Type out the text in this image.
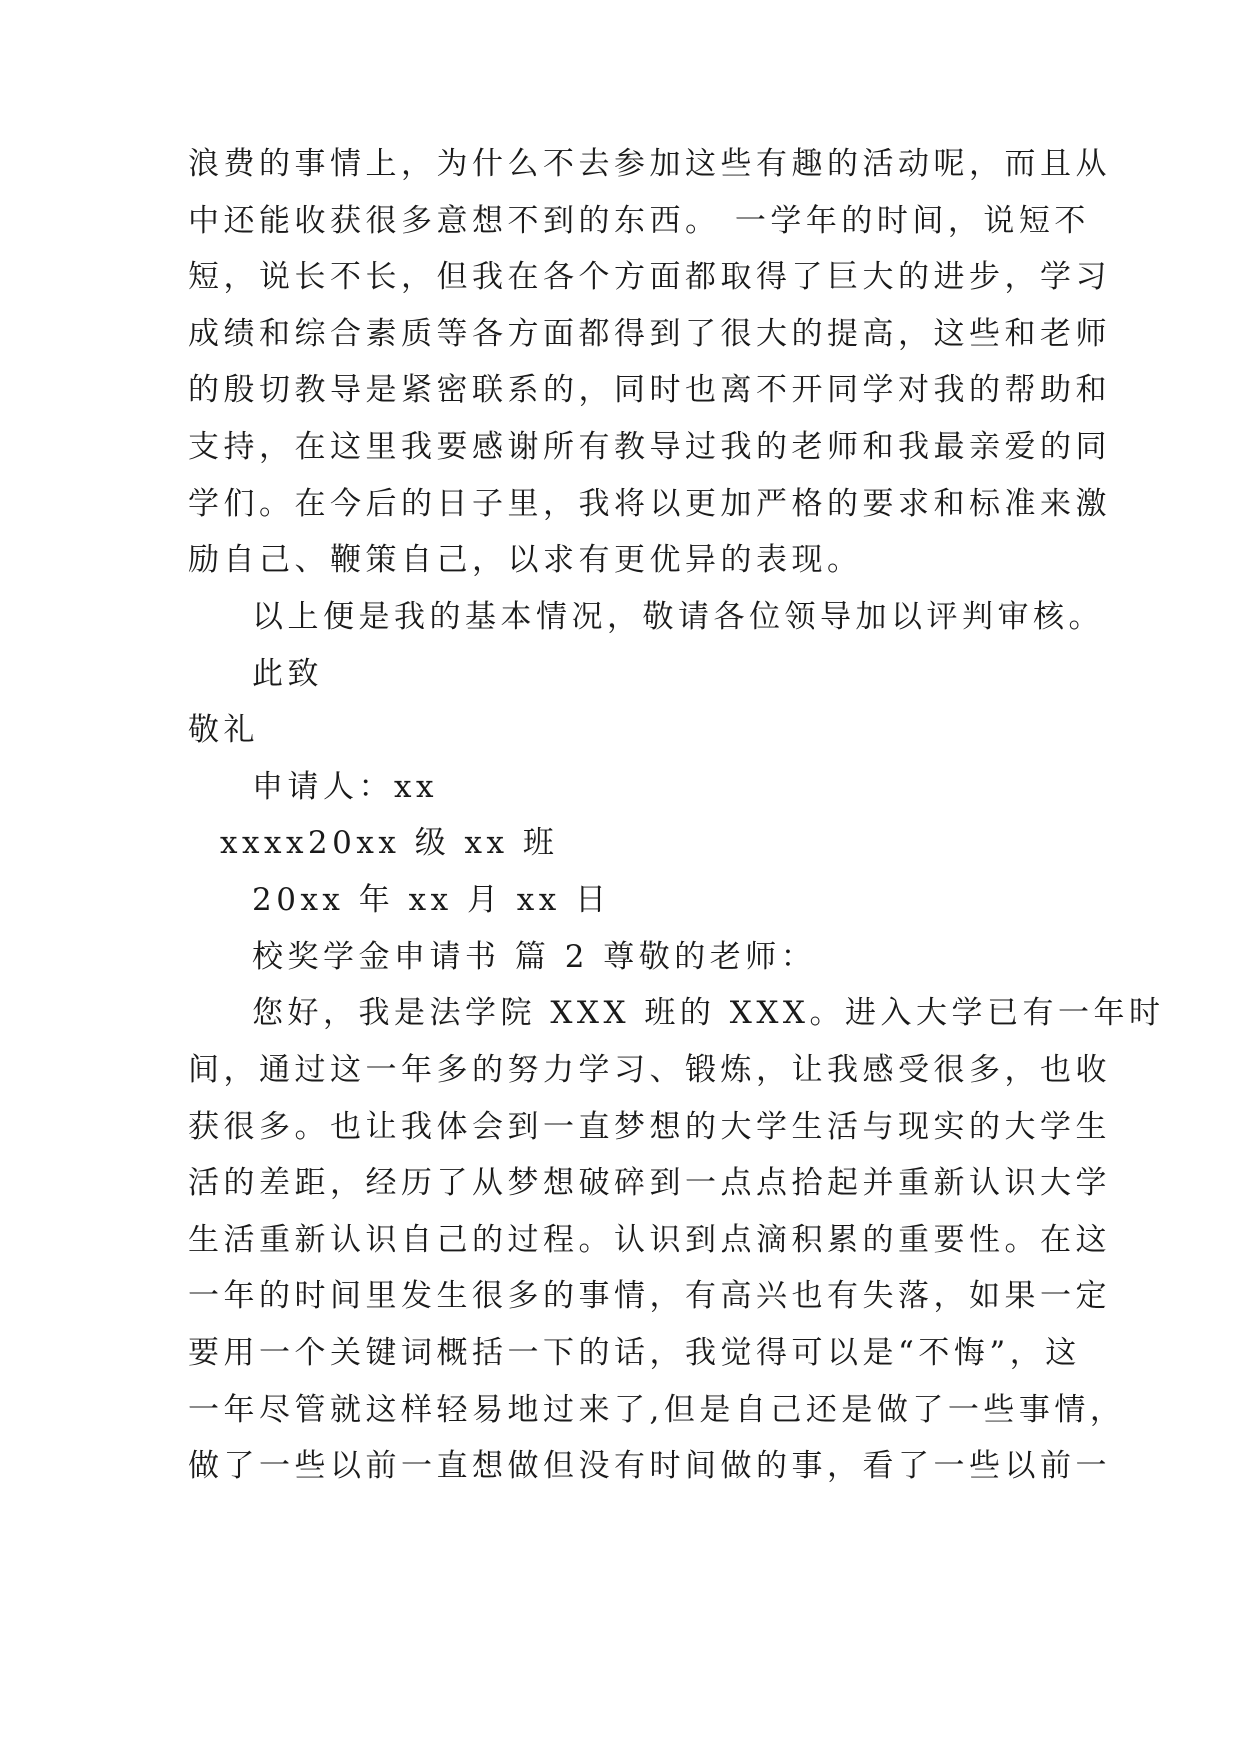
浪费的事情上，为什么不去参加这些有趣的活动呢，而且从
中还能收获很多意想不到的东西。 一学年的时间，说短不
短，说长不长，但我在各个方面都取得了巨大的进步，学习
成绩和综合素质等各方面都得到了很大的提高，这些和老师
的殷切教导是紧密联系的，同时也离不开同学对我的帮助和
支持，在这里我要感谢所有教导过我的老师和我最亲爱的同
学们。在今后的日子里，我将以更加严格的要求和标准来激
励自己、鞭策自己，以求有更优异的表现。
以上便是我的基本情况，敬请各位领导加以评判审核。
此致
敬礼
申请人：xx
xxxx20xx 级 xx 班
20xx 年 xx 月 xx 日
校奖学金申请书 篇 2 尊敬的老师：
您好，我是法学院 XXX 班的 XXX。进入大学已有一年时
间，通过这一年多的努力学习、锻炼，让我感受很多，也收
获很多。也让我体会到一直梦想的大学生活与现实的大学生
活的差距，经历了从梦想破碎到一点点拾起并重新认识大学
生活重新认识自己的过程。认识到点滴积累的重要性。在这
一年的时间里发生很多的事情，有高兴也有失落，如果一定
要用一个关键词概括一下的话，我觉得可以是“不悔”，这
一年尽管就这样轻易地过来了,但是自己还是做了一些事情，
做了一些以前一直想做但没有时间做的事，看了一些以前一
